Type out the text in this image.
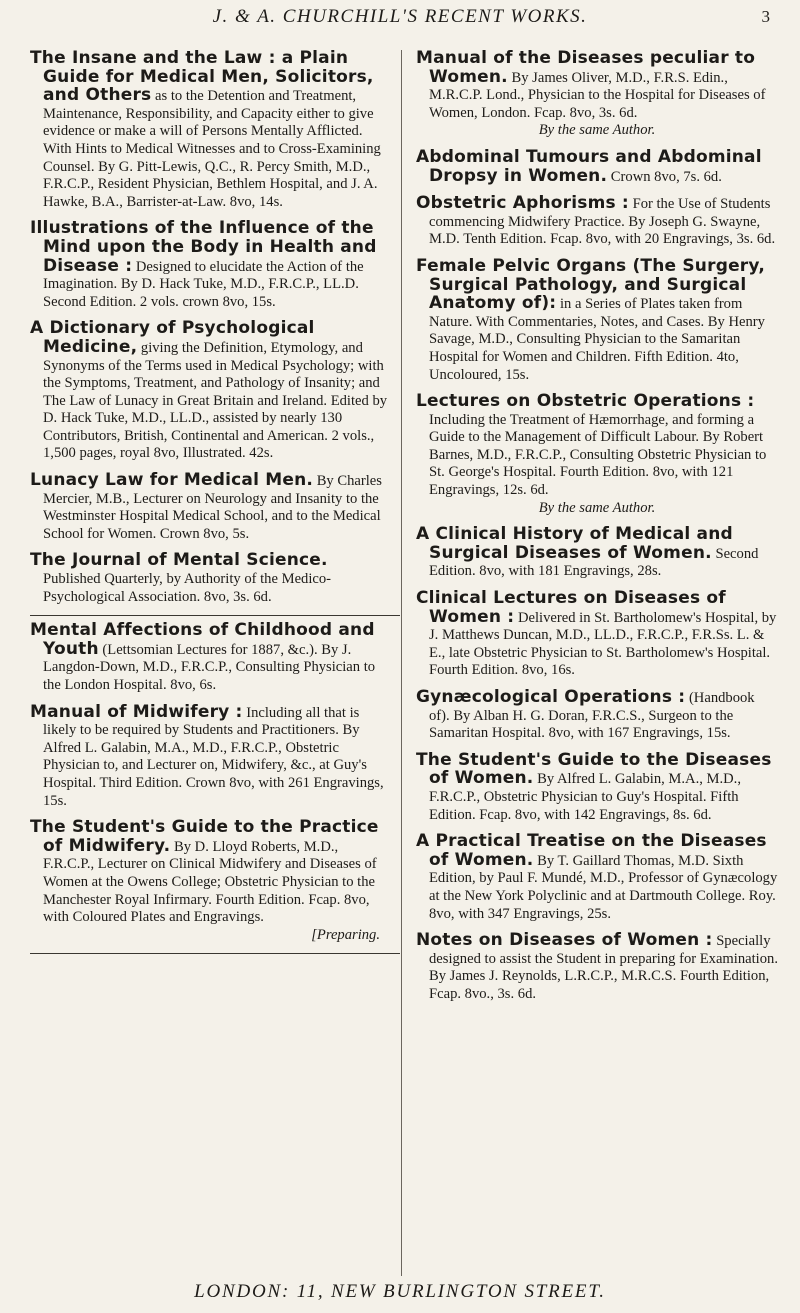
J. & A. CHURCHILL'S RECENT WORKS.	3

The Insane and the Law : a Plain Guide for Medical Men, Solicitors, and Others as to the Detention and Treatment, Maintenance, Responsibility, and Capacity either to give evidence or make a will of Persons Mentally Afflicted. With Hints to Medical Witnesses and to Cross-Examining Counsel. By G. Pitt-Lewis, Q.C., R. Percy Smith, M.D., F.R.C.P., Resident Physician, Bethlem Hospital, and J. A. Hawke, B.A., Barrister-at-Law. 8vo, 14s.

Illustrations of the Influence of the Mind upon the Body in Health and Disease : Designed to elucidate the Action of the Imagination. By D. Hack Tuke, M.D., F.R.C.P., LL.D. Second Edition. 2 vols. crown 8vo, 15s.

A Dictionary of Psychological Medicine, giving the Definition, Etymology, and Synonyms of the Terms used in Medical Psychology; with the Symptoms, Treatment, and Pathology of Insanity; and The Law of Lunacy in Great Britain and Ireland. Edited by D. Hack Tuke, M.D., LL.D., assisted by nearly 130 Contributors, British, Continental and American. 2 vols., 1,500 pages, royal 8vo, Illustrated. 42s.

Lunacy Law for Medical Men. By Charles Mercier, M.B., Lecturer on Neurology and Insanity to the Westminster Hospital Medical School, and to the Medical School for Women. Crown 8vo, 5s.

The Journal of Mental Science. Published Quarterly, by Authority of the Medico-Psychological Association. 8vo, 3s. 6d.

Mental Affections of Childhood and Youth (Lettsomian Lectures for 1887, &c.). By J. Langdon-Down, M.D., F.R.C.P., Consulting Physician to the London Hospital. 8vo, 6s.

Manual of Midwifery : Including all that is likely to be required by Students and Practitioners. By Alfred L. Galabin, M.A., M.D., F.R.C.P., Obstetric Physician to, and Lecturer on, Midwifery, &c., at Guy's Hospital. Third Edition. Crown 8vo, with 261 Engravings, 15s.

The Student's Guide to the Practice of Midwifery. By D. Lloyd Roberts, M.D., F.R.C.P., Lecturer on Clinical Midwifery and Diseases of Women at the Owens College; Obstetric Physician to the Manchester Royal Infirmary. Fourth Edition. Fcap. 8vo, with Coloured Plates and Engravings.

[Preparing.

Manual of the Diseases peculiar to Women. By James Oliver, M.D., F.R.S. Edin., M.R.C.P. Lond., Physician to the Hospital for Diseases of Women, London. Fcap. 8vo, 3s. 6d.

By the same Author.

Abdominal Tumours and Abdominal Dropsy in Women. Crown 8vo, 7s. 6d.

Obstetric Aphorisms : For the Use of Students commencing Midwifery Practice. By Joseph G. Swayne, M.D. Tenth Edition. Fcap. 8vo, with 20 Engravings, 3s. 6d.

Female Pelvic Organs (The Surgery, Surgical Pathology, and Surgical Anatomy of): in a Series of Plates taken from Nature. With Commentaries, Notes, and Cases. By Henry Savage, M.D., Consulting Physician to the Samaritan Hospital for Women and Children. Fifth Edition. 4to, Uncoloured, 15s.

Lectures on Obstetric Operations : Including the Treatment of Hæmorrhage, and forming a Guide to the Management of Difficult Labour. By Robert Barnes, M.D., F.R.C.P., Consulting Obstetric Physician to St. George's Hospital. Fourth Edition. 8vo, with 121 Engravings, 12s. 6d.

By the same Author.

A Clinical History of Medical and Surgical Diseases of Women. Second Edition. 8vo, with 181 Engravings, 28s.

Clinical Lectures on Diseases of Women : Delivered in St. Bartholomew's Hospital, by J. Matthews Duncan, M.D., LL.D., F.R.C.P., F.R.Ss. L. & E., late Obstetric Physician to St. Bartholomew's Hospital. Fourth Edition. 8vo, 16s.

Gynæcological Operations : (Handbook of). By Alban H. G. Doran, F.R.C.S., Surgeon to the Samaritan Hospital. 8vo, with 167 Engravings, 15s.

The Student's Guide to the Diseases of Women. By Alfred L. Galabin, M.A., M.D., F.R.C.P., Obstetric Physician to Guy's Hospital. Fifth Edition. Fcap. 8vo, with 142 Engravings, 8s. 6d.

A Practical Treatise on the Diseases of Women. By T. Gaillard Thomas, M.D. Sixth Edition, by Paul F. Mundé, M.D., Professor of Gynæcology at the New York Polyclinic and at Dartmouth College. Roy. 8vo, with 347 Engravings, 25s.

Notes on Diseases of Women : Specially designed to assist the Student in preparing for Examination. By James J. Reynolds, L.R.C.P., M.R.C.S. Fourth Edition, Fcap. 8vo., 3s. 6d.

LONDON: 11, NEW BURLINGTON STREET.
